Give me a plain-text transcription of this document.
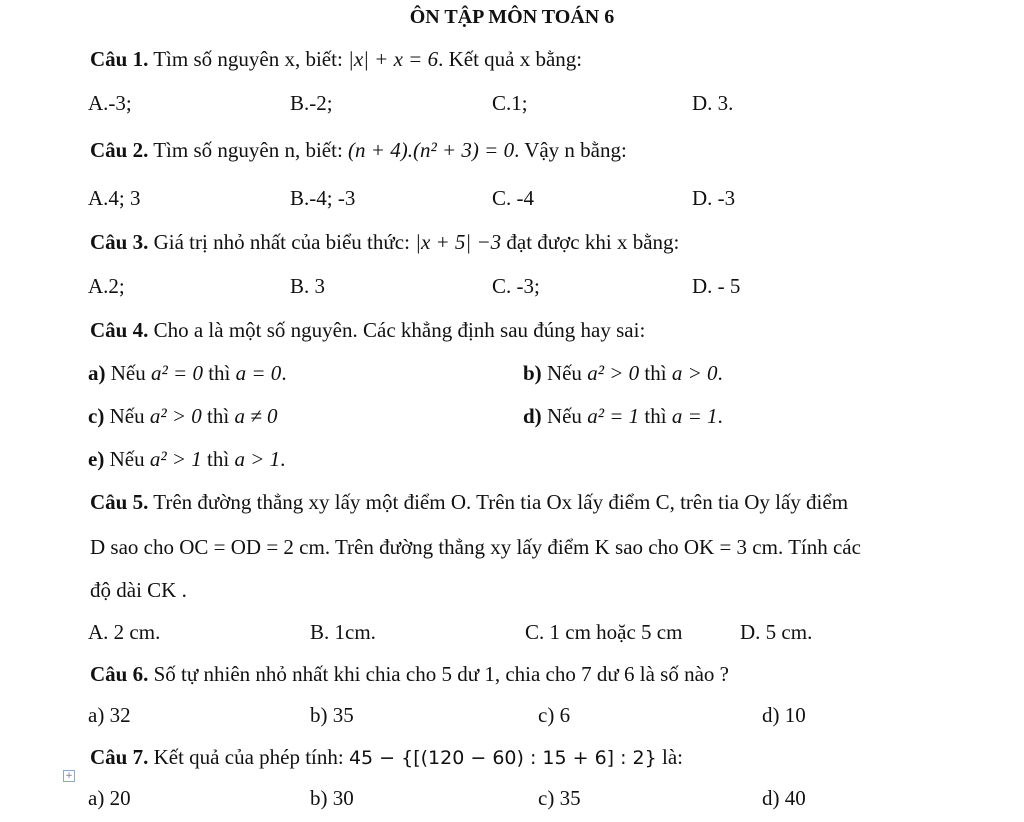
ÔN TẬP MÔN TOÁN 6
Câu 1. Tìm số nguyên x, biết: |x| + x = 6. Kết quả x bằng:
A.-3;	B.-2;	C.1;	D. 3.
Câu 2. Tìm số nguyên n, biết: (n + 4).(n² + 3) = 0. Vậy n bằng:
A.4; 3	B.-4; -3	C. -4	D. -3
Câu 3. Giá trị nhỏ nhất của biểu thức: |x + 5| −3 đạt được khi x bằng:
A.2;	B. 3	C. -3;	D. - 5
Câu 4. Cho a là một số nguyên. Các khẳng định sau đúng hay sai:
a) Nếu a² = 0 thì a = 0.	b) Nếu a² > 0 thì a > 0.
c) Nếu a² > 0 thì a ≠ 0	d) Nếu a² = 1 thì a = 1.
e) Nếu a² > 1 thì a > 1.
Câu 5. Trên đường thẳng xy lấy một điểm O. Trên tia Ox lấy điểm C, trên tia Oy lấy điểm
D sao cho OC = OD = 2 cm. Trên đường thẳng xy lấy điểm K sao cho OK = 3 cm. Tính các
độ dài CK .
A. 2 cm.	B. 1cm.	C. 1 cm hoặc 5 cm	D. 5 cm.
Câu 6. Số tự nhiên nhỏ nhất khi chia cho 5 dư 1, chia cho 7 dư 6 là số nào ?
a) 32	b) 35	c) 6	d) 10
Câu 7. Kết quả của phép tính: 45 − {[(120 − 60) : 15 + 6] : 2} là:
+
a) 20	b) 30	c) 35	d) 40
